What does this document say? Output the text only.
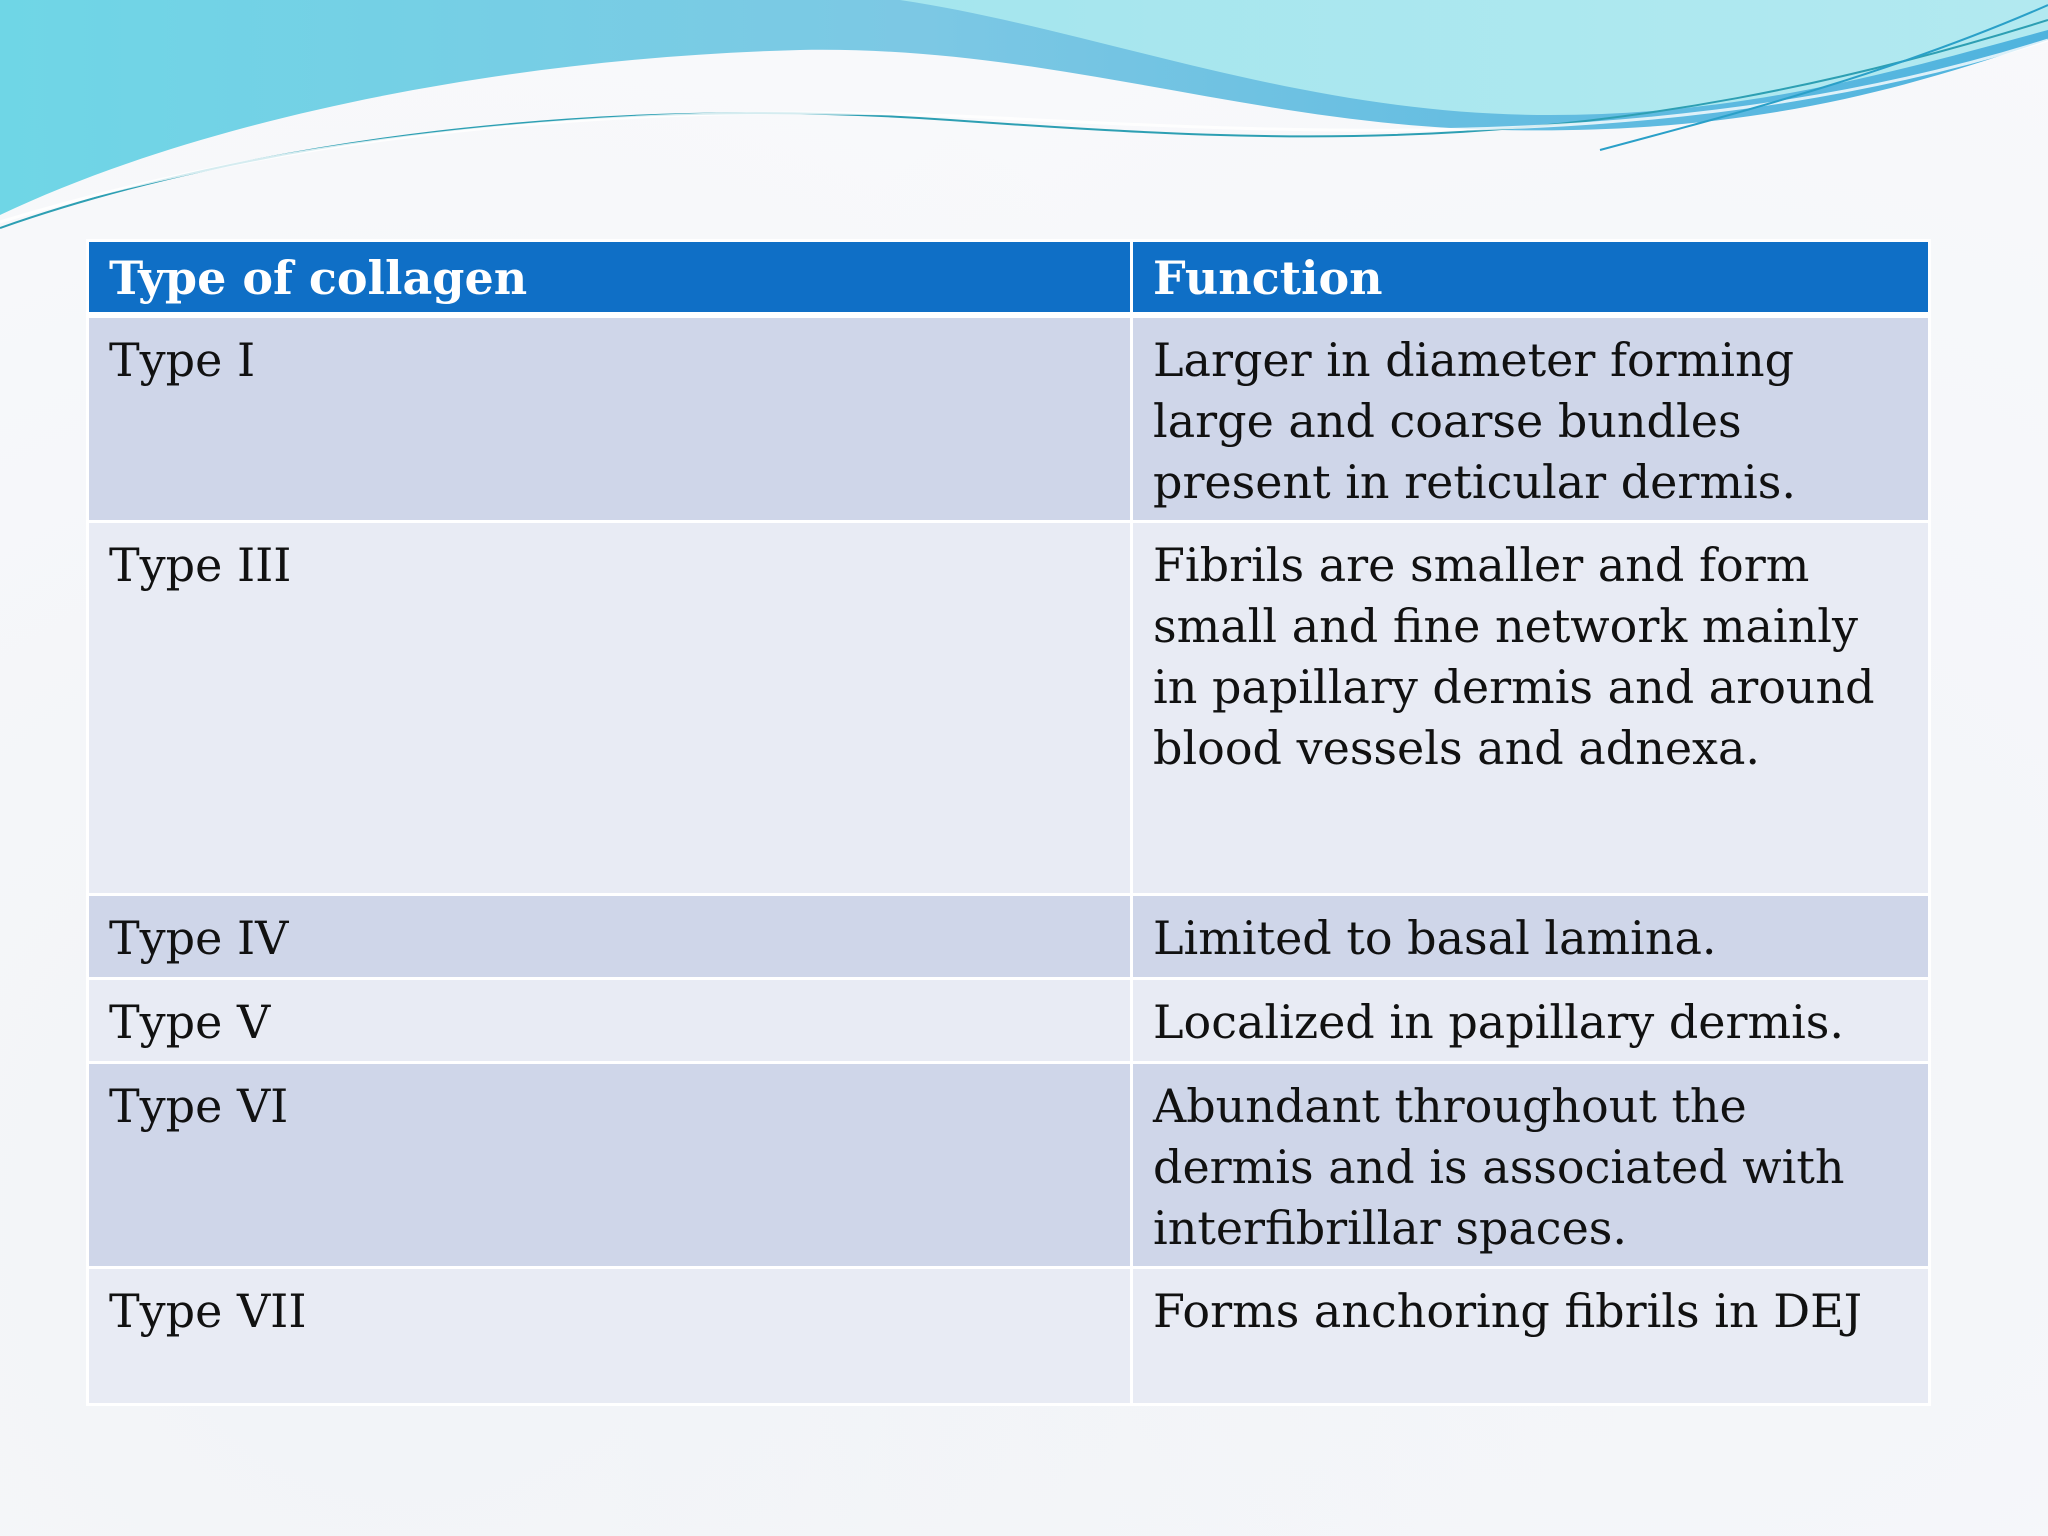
Type of collagen	Function
Type I	Larger in diameter forming large and coarse bundles present in reticular dermis.
Type III	Fibrils are smaller and form small and fine network mainly in papillary dermis and around blood vessels and adnexa.
Type IV	Limited to basal lamina.
Type V	Localized in papillary dermis.
Type VI	Abundant throughout the dermis and is associated with interfibrillar spaces.
Type VII	Forms anchoring fibrils in DEJ
